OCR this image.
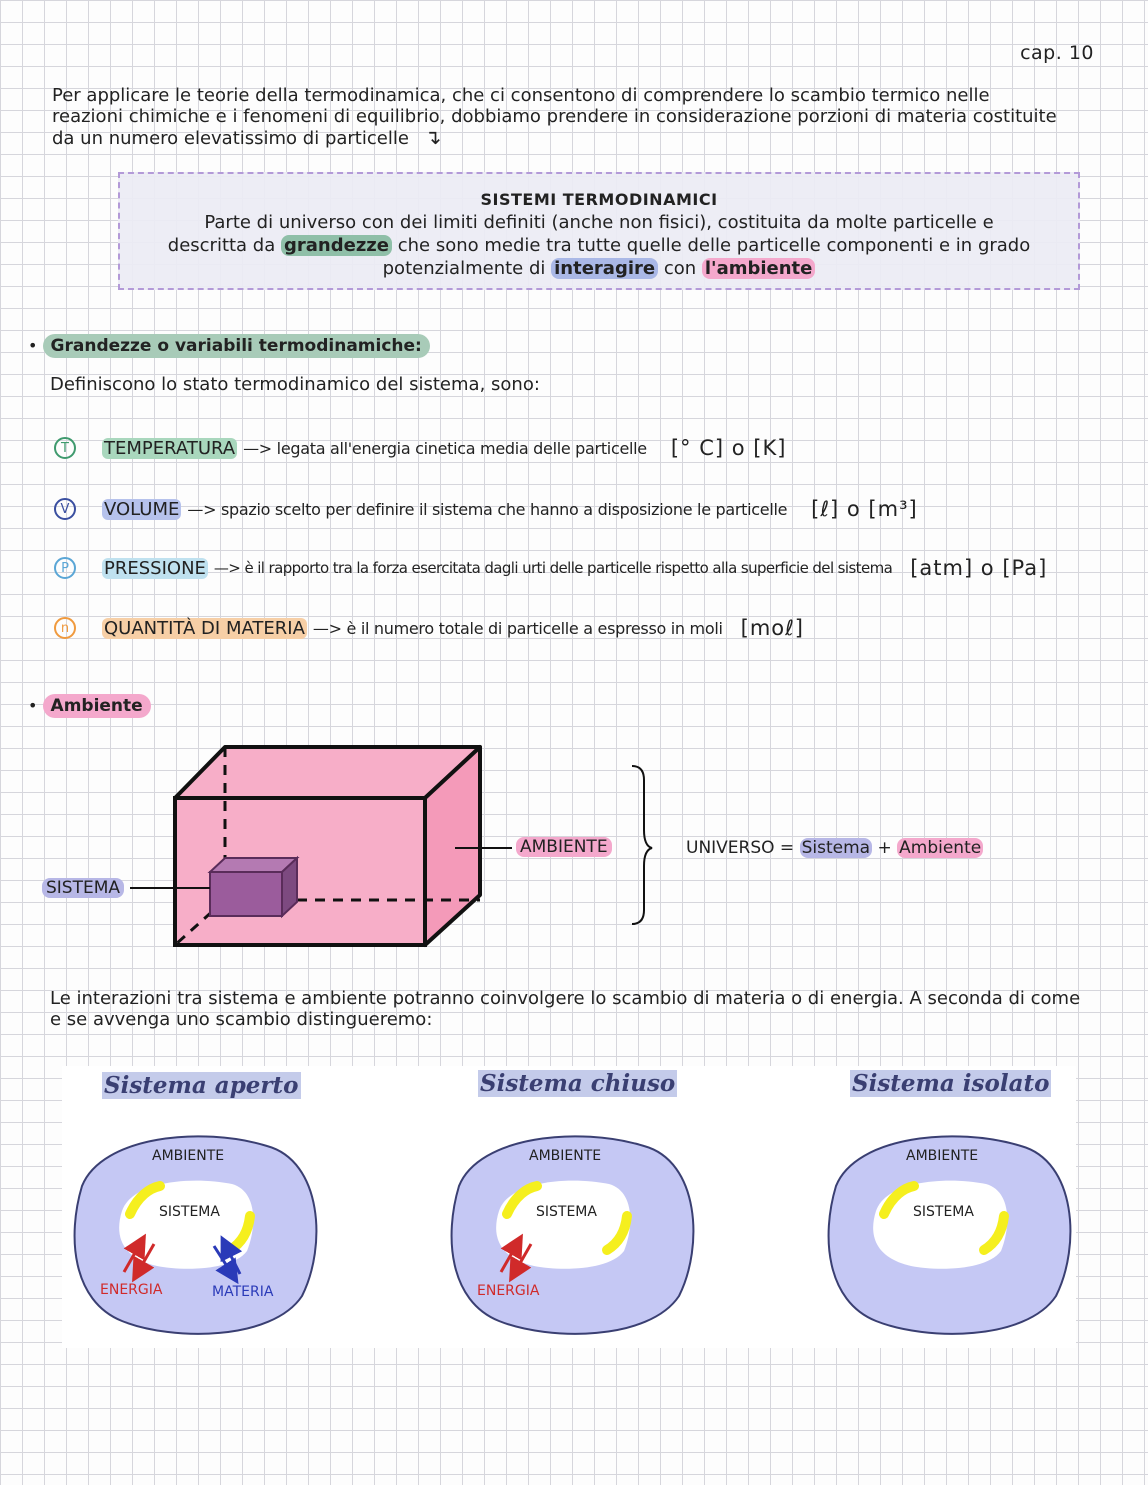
cap. 10
Per applicare le teorie della termodinamica, che ci consentono di comprendere lo scambio termico nelle reazioni chimiche e i fenomeni di equilibrio, dobbiamo prendere in considerazione porzioni di materia costituite da un numero elevatissimo di particelle ↴
SISTEMI TERMODINAMICI
Parte di universo con dei limiti definiti (anche non fisici), costituita da molte particelle e
descritta da grandezze che sono medie tra tutte quelle delle particelle componenti e in grado
potenzialmente di interagire con l'ambiente
• Grandezze o variabili termodinamiche:
Definiscono lo stato termodinamico del sistema, sono:
T	TEMPERATURA —> legata all'energia cinetica media delle particelle [° C] o [K]
V	VOLUME —> spazio scelto per definire il sistema che hanno a disposizione le particelle [ℓ] o [m³]
P	PRESSIONE —> è il rapporto tra la forza esercitata dagli urti delle particelle rispetto alla superficie del sistema [atm] o [Pa]
n	QUANTITÀ DI MATERIA —> è il numero totale di particelle a espresso in moli [moℓ]
• Ambiente
AMBIENTE
SISTEMA
UNIVERSO = Sistema + Ambiente
Le interazioni tra sistema e ambiente potranno coinvolgere lo scambio di materia o di energia. A seconda di come e se avvenga uno scambio distingueremo:
Sistema aperto	Sistema chiuso	Sistema isolato
AMBIENTE
SISTEMA
ENERGIA	MATERIA
AMBIENTE
SISTEMA
ENERGIA
AMBIENTE
SISTEMA
